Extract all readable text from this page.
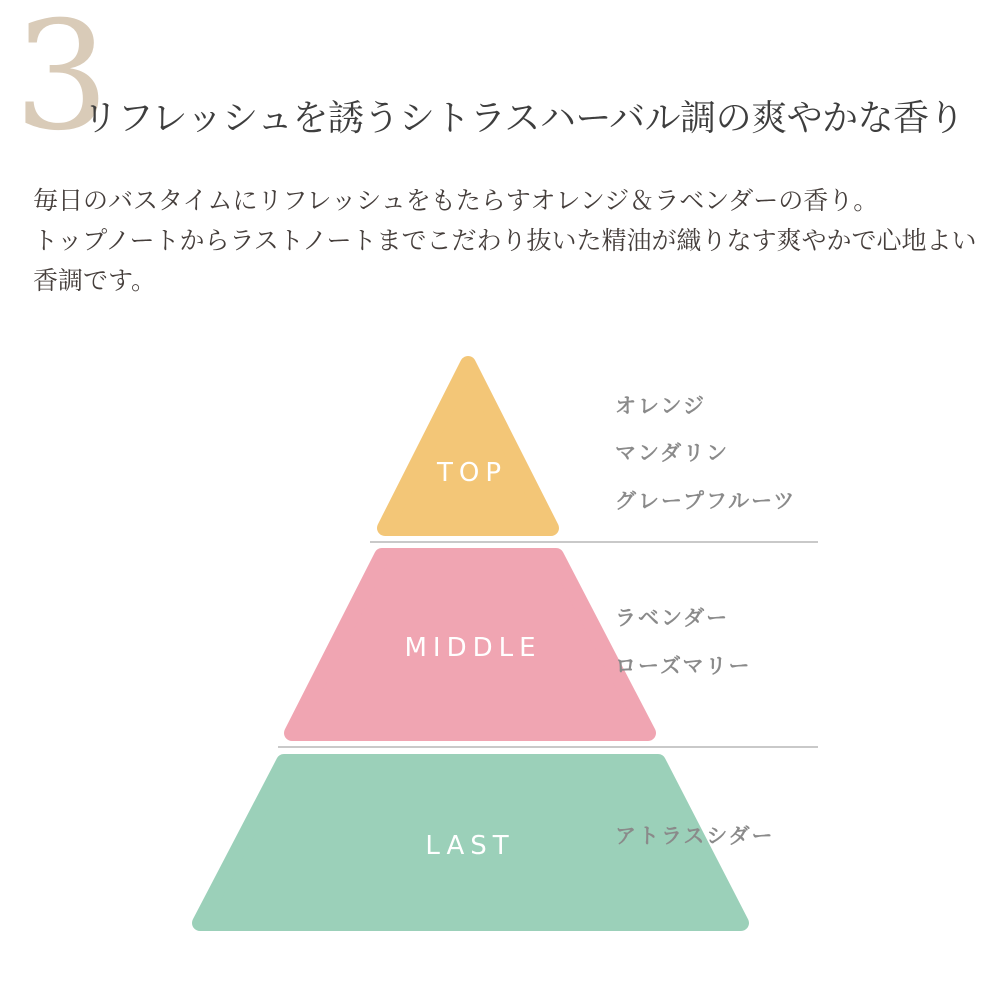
3
リフレッシュを誘うシトラスハーバル調の爽やかな香り
毎日のバスタイムにリフレッシュをもたらすオレンジ＆ラベンダーの香り。
トップノートからラストノートまでこだわり抜いた精油が織りなす爽やかで心地よい
香調です。
TOP
MIDDLE
LAST
オレンジ
マンダリン
グレープフルーツ
ラベンダー
ローズマリー
アトラスシダー
